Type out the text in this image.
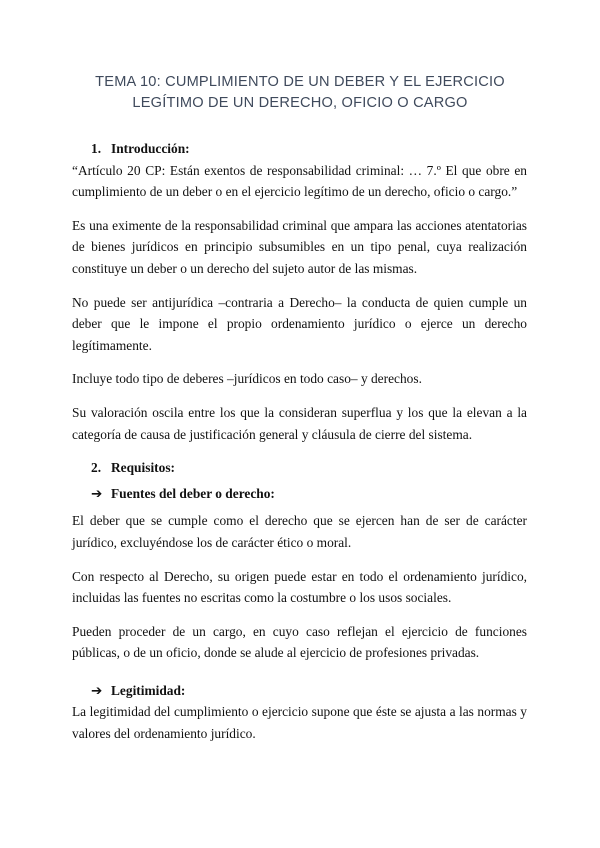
TEMA 10: CUMPLIMIENTO DE UN DEBER Y EL EJERCICIO
LEGÍTIMO DE UN DERECHO, OFICIO O CARGO
1. Introducción:

“Artículo 20 CP: Están exentos de responsabilidad criminal: … 7.º El que obre en cumplimiento de un deber o en el ejercicio legítimo de un derecho, oficio o cargo.”

Es una eximente de la responsabilidad criminal que ampara las acciones atentatorias de bienes jurídicos en principio subsumibles en un tipo penal, cuya realización constituye un deber o un derecho del sujeto autor de las mismas.

No puede ser antijurídica –contraria a Derecho– la conducta de quien cumple un deber que le impone el propio ordenamiento jurídico o ejerce un derecho legítimamente.

Incluye todo tipo de deberes –jurídicos en todo caso– y derechos.

Su valoración oscila entre los que la consideran superflua y los que la elevan a la categoría de causa de justificación general y cláusula de cierre del sistema.

2. Requisitos:
➔ Fuentes del deber o derecho:

El deber que se cumple como el derecho que se ejercen han de ser de carácter jurídico, excluyéndose los de carácter ético o moral.

Con respecto al Derecho, su origen puede estar en todo el ordenamiento jurídico, incluidas las fuentes no escritas como la costumbre o los usos sociales.

Pueden proceder de un cargo, en cuyo caso reflejan el ejercicio de funciones públicas, o de un oficio, donde se alude al ejercicio de profesiones privadas.

➔ Legitimidad:

La legitimidad del cumplimiento o ejercicio supone que éste se ajusta a las normas y valores del ordenamiento jurídico.
